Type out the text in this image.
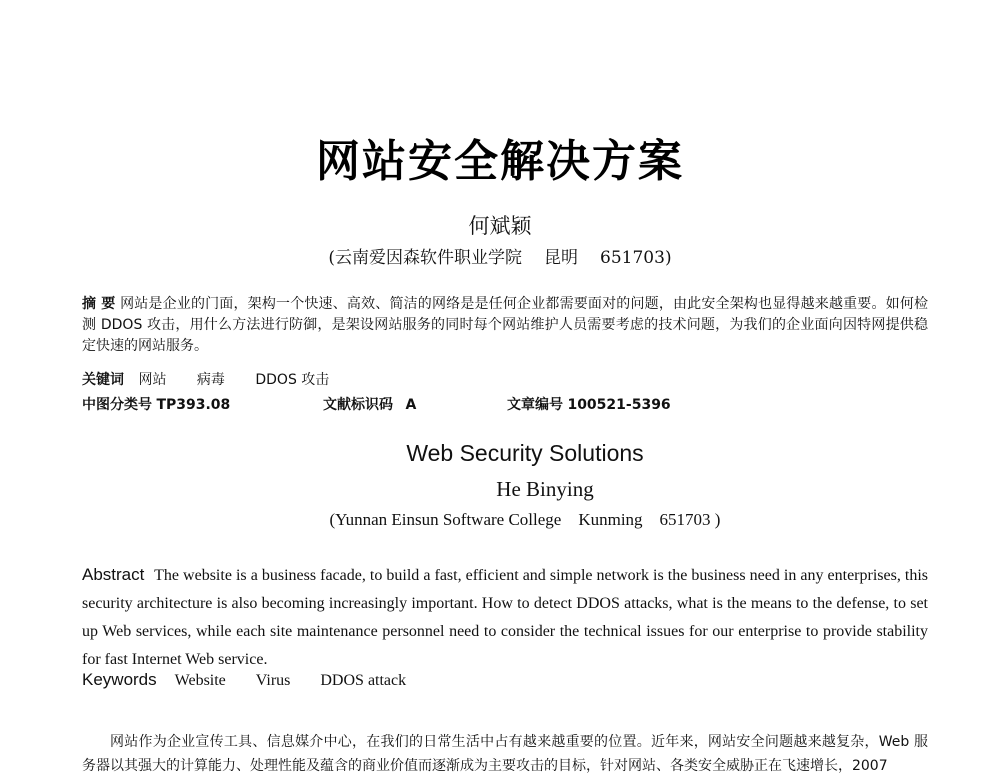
网站安全解决方案
何斌颖
(云南爱因森软件职业学院 昆明 651703)
摘 要 网站是企业的门面，架构一个快速、高效、简洁的网络是是任何企业都需要面对的问题，由此安全架构也显得越来越重要。如何检测 DDOS 攻击，用什么方法进行防御，是架设网站服务的同时每个网站维护人员需要考虑的技术问题，为我们的企业面向因特网提供稳定快速的网站服务。
关键词 网站 病毒 DDOS 攻击
中图分类号 TP393.08	文献标识码 A	文章编号 100521-5396
Web Security Solutions
He Binying
(Yunnan Einsun Software College    Kunming    651703 )
Abstract The website is a business facade, to build a fast, efficient and simple network is the business need in any enterprises, this security architecture is also becoming increasingly important. How to detect DDOS attacks, what is the means to the defense, to set up Web services, while each site maintenance personnel need to consider the technical issues for our enterprise to provide stability for fast Internet Web service.
Keywords Website Virus DDOS attack
网站作为企业宣传工具、信息媒介中心，在我们的日常生活中占有越来越重要的位置。近年来，网站安全问题越来越复杂，Web 服务器以其强大的计算能力、处理性能及蕴含的商业价值而逐渐成为主要攻击的目标，针对网站、各类安全威胁正在飞速增长，2007
